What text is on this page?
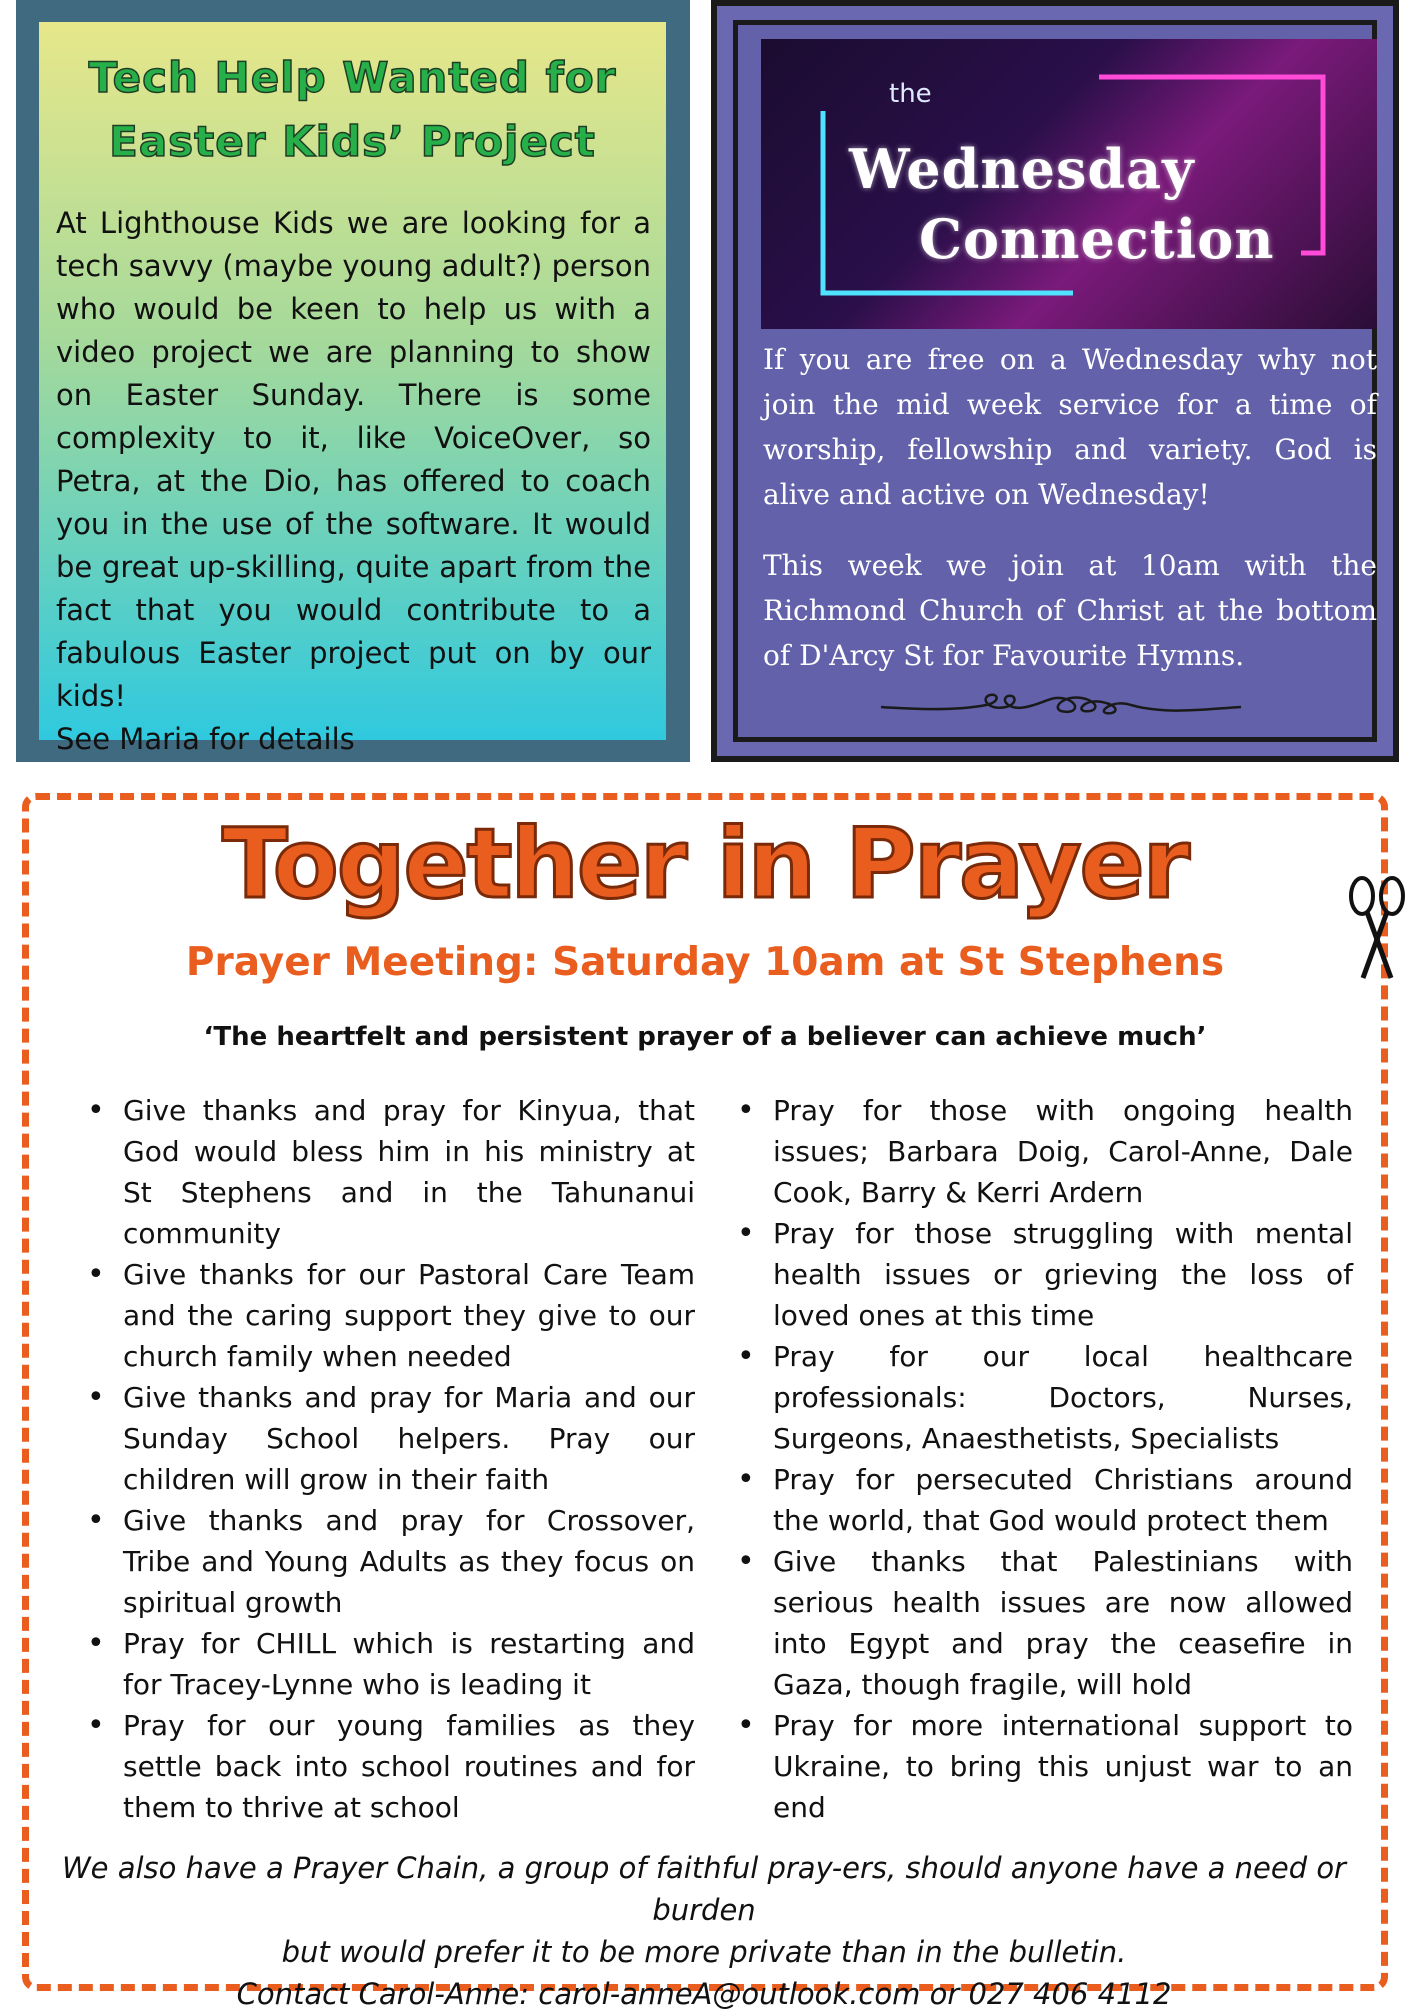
Tech Help Wanted for Easter Kids’ Project

At Lighthouse Kids we are looking for a tech savvy (maybe young adult?) person who would be keen to help us with a video project we are planning to show on Easter Sunday. There is some complexity to it, like VoiceOver, so Petra, at the Dio, has offered to coach you in the use of the software. It would be great up-skilling, quite apart from the fact that you would contribute to a fabulous Easter project put on by our kids!

See Maria for details

the
Wednesday
Connection

If you are free on a Wednesday why not join the mid week service for a time of worship, fellowship and variety. God is alive and active on Wednesday!

This week we join at 10am with the Richmond Church of Christ at the bottom of D'Arcy St for Favourite Hymns.

Together in Prayer
Prayer Meeting: Saturday 10am at St Stephens
‘The heartfelt and persistent prayer of a believer can achieve much’
• Give thanks and pray for Kinyua, that God would bless him in his ministry at St Stephens and in the Tahunanui community
• Give thanks for our Pastoral Care Team and the caring support they give to our church family when needed
• Give thanks and pray for Maria and our Sunday School helpers. Pray our children will grow in their faith
• Give thanks and pray for Crossover, Tribe and Young Adults as they focus on spiritual growth
• Pray for CHILL which is restarting and for Tracey-Lynne who is leading it
• Pray for our young families as they settle back into school routines and for them to thrive at school
• Pray for those with ongoing health issues; Barbara Doig, Carol-Anne, Dale Cook, Barry & Kerri Ardern
• Pray for those struggling with mental health issues or grieving the loss of loved ones at this time
• Pray for our local healthcare professionals: Doctors, Nurses, Surgeons, Anaesthetists, Specialists
• Pray for persecuted Christians around the world, that God would protect them
• Give thanks that Palestinians with serious health issues are now allowed into Egypt and pray the ceasefire in Gaza, though fragile, will hold
• Pray for more international support to Ukraine, to bring this unjust war to an end
We also have a Prayer Chain, a group of faithful pray-ers, should anyone have a need or burden
but would prefer it to be more private than in the bulletin.
Contact Carol-Anne: carol-anneA@outlook.com or 027 406 4112
